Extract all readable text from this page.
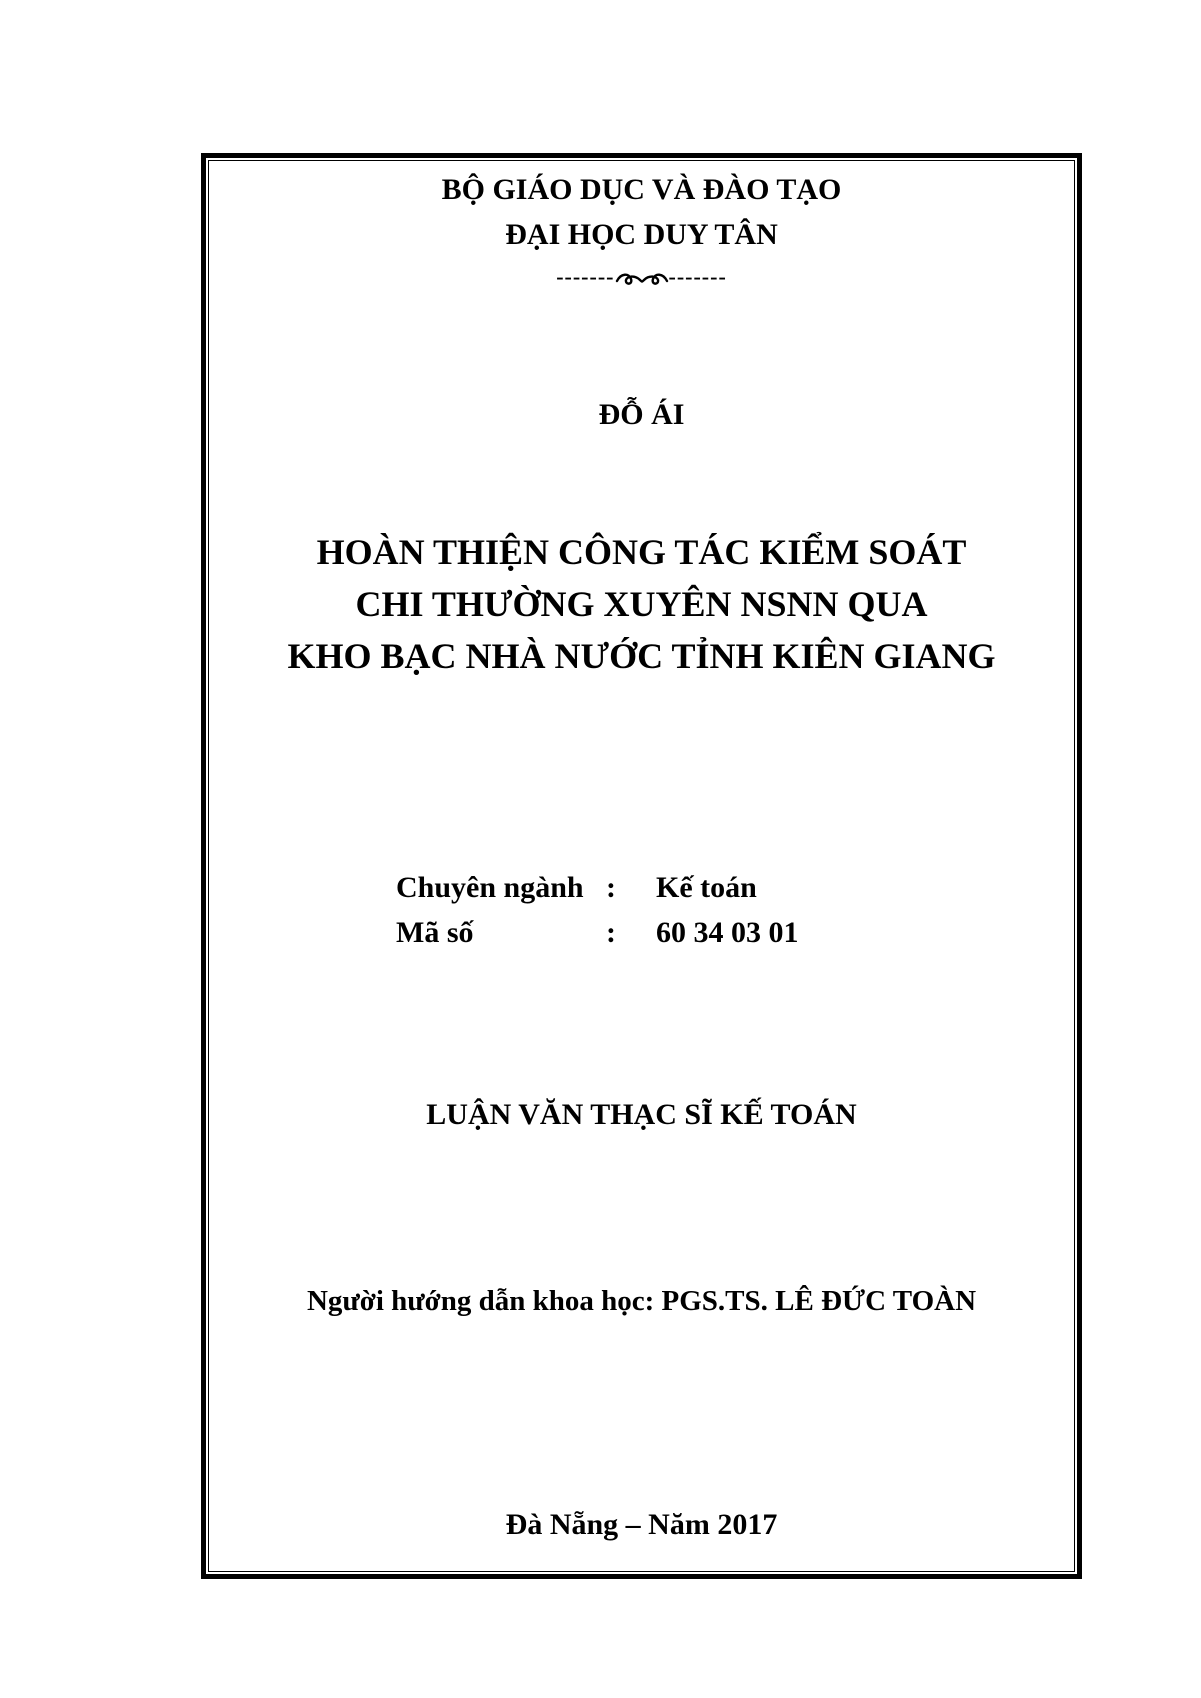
BỘ GIÁO DỤC VÀ ĐÀO TẠO
ĐẠI HỌC DUY TÂN
------- -------
ĐỖ ÁI
HOÀN THIỆN CÔNG TÁC KIỂM SOÁT
CHI THƯỜNG XUYÊN NSNN QUA
KHO BẠC NHÀ NƯỚC TỈNH KIÊN GIANG
Chuyên ngành : Kế toán
Mã số	: 60 34 03 01
LUẬN VĂN THẠC SĨ KẾ TOÁN
Người hướng dẫn khoa học: PGS.TS. LÊ ĐỨC TOÀN
Đà Nẵng – Năm 2017
